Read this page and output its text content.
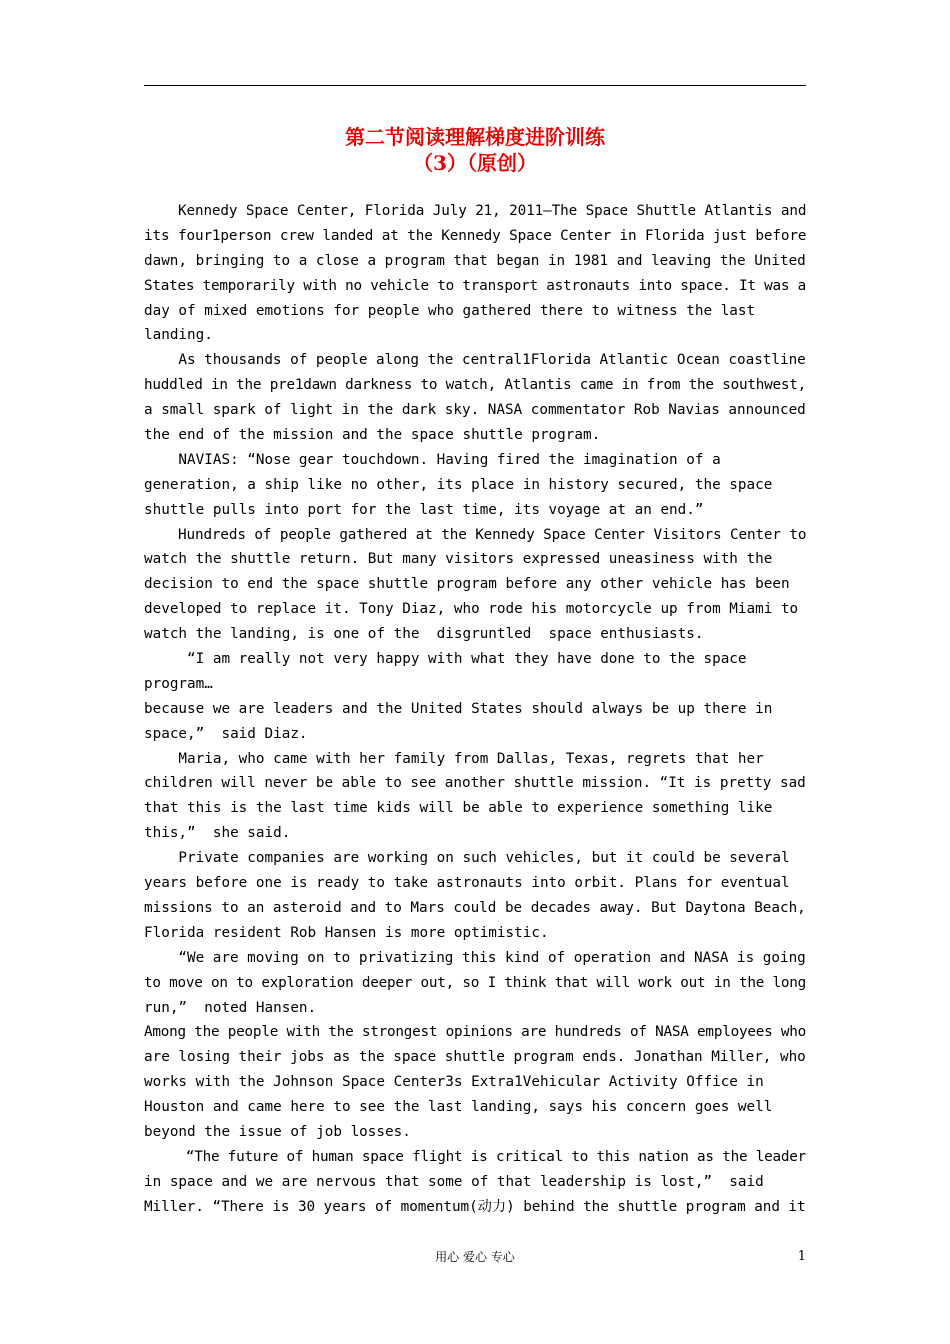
第二节阅读理解梯度进阶训练
（3）（原创）
Kennedy Space Center, Florida July 21, 2011—The Space Shuttle Atlantis and
its four1person crew landed at the Kennedy Space Center in Florida just before
dawn, bringing to a close a program that began in 1981 and leaving the United
States temporarily with no vehicle to transport astronauts into space. It was a
day of mixed emotions for people who gathered there to witness the last
landing.
As thousands of people along the central1Florida Atlantic Ocean coastline
huddled in the pre1dawn darkness to watch, Atlantis came in from the southwest,
a small spark of light in the dark sky. NASA commentator Rob Navias announced
the end of the mission and the space shuttle program.
NAVIAS: “Nose gear touchdown. Having fired the imagination of a
generation, a ship like no other, its place in history secured, the space
shuttle pulls into port for the last time, its voyage at an end.”
Hundreds of people gathered at the Kennedy Space Center Visitors Center to
watch the shuttle return. But many visitors expressed uneasiness with the
decision to end the space shuttle program before any other vehicle has been
developed to replace it. Tony Diaz, who rode his motorcycle up from Miami to
watch the landing, is one of the  disgruntled  space enthusiasts.
“I am really not very happy with what they have done to the space
program…
because we are leaders and the United States should always be up there in
space,”  said Diaz.
Maria, who came with her family from Dallas, Texas, regrets that her
children will never be able to see another shuttle mission. “It is pretty sad
that this is the last time kids will be able to experience something like
this,”  she said.
Private companies are working on such vehicles, but it could be several
years before one is ready to take astronauts into orbit. Plans for eventual
missions to an asteroid and to Mars could be decades away. But Daytona Beach,
Florida resident Rob Hansen is more optimistic.
“We are moving on to privatizing this kind of operation and NASA is going
to move on to exploration deeper out, so I think that will work out in the long
run,”  noted Hansen.
Among the people with the strongest opinions are hundreds of NASA employees who
are losing their jobs as the space shuttle program ends. Jonathan Miller, who
works with the Johnson Space Center3s Extra1Vehicular Activity Office in
Houston and came here to see the last landing, says his concern goes well
beyond the issue of job losses.
“The future of human space flight is critical to this nation as the leader
in space and we are nervous that some of that leadership is lost,”  said
Miller. “There is 30 years of momentum(动力) behind the shuttle program and it
用心 爱心 专心	1
